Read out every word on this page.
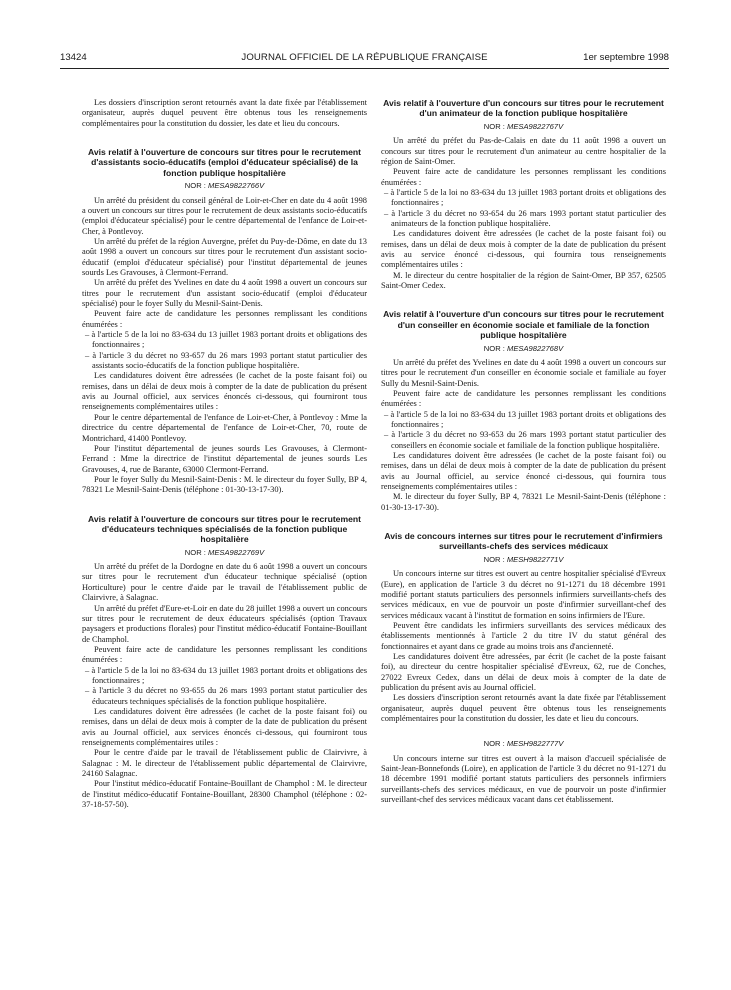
13424	JOURNAL OFFICIEL DE LA RÉPUBLIQUE FRANÇAISE	1er septembre 1998

Les dossiers d'inscription seront retournés avant la date fixée par l'établissement organisateur, auprès duquel peuvent être obtenus tous les renseignements complémentaires pour la constitution du dossier, les date et lieu du concours.

Avis relatif à l'ouverture de concours sur titres pour le recrutement d'assistants socio-éducatifs (emploi d'éducateur spécialisé) de la fonction publique hospitalière
NOR : MESA9822766V

Un arrêté du président du conseil général de Loir-et-Cher en date du 4 août 1998 a ouvert un concours sur titres pour le recrutement de deux assistants socio-éducatifs (emploi d'éducateur spécialisé) pour le centre départemental de l'enfance de Loir-et-Cher, à Pontlevoy.

Un arrêté du préfet de la région Auvergne, préfet du Puy-de-Dôme, en date du 13 août 1998 a ouvert un concours sur titres pour le recrutement d'un assistant socio-éducatif (emploi d'éducateur spécialisé) pour l'institut départemental de jeunes sourds Les Gravouses, à Clermont-Ferrand.

Un arrêté du préfet des Yvelines en date du 4 août 1998 a ouvert un concours sur titres pour le recrutement d'un assistant socio-éducatif (emploi d'éducateur spécialisé) pour le foyer Sully du Mesnil-Saint-Denis.

Peuvent faire acte de candidature les personnes remplissant les conditions énumérées :

– à l'article 5 de la loi no 83-634 du 13 juillet 1983 portant droits et obligations des fonctionnaires ;

– à l'article 3 du décret no 93-657 du 26 mars 1993 portant statut particulier des assistants socio-éducatifs de la fonction publique hospitalière.

Les candidatures doivent être adressées (le cachet de la poste faisant foi) ou remises, dans un délai de deux mois à compter de la date de publication du présent avis au Journal officiel, aux services énoncés ci-dessous, qui fourniront tous renseignements complémentaires utiles :

Pour le centre départemental de l'enfance de Loir-et-Cher, à Pontlevoy : Mme la directrice du centre départemental de l'enfance de Loir-et-Cher, 70, route de Montrichard, 41400 Pontlevoy.

Pour l'institut départemental de jeunes sourds Les Gravouses, à Clermont-Ferrand : Mme la directrice de l'institut départemental de jeunes sourds Les Gravouses, 4, rue de Barante, 63000 Clermont-Ferrand.

Pour le foyer Sully du Mesnil-Saint-Denis : M. le directeur du foyer Sully, BP 4, 78321 Le Mesnil-Saint-Denis (téléphone : 01-30-13-17-30).

Avis relatif à l'ouverture de concours sur titres pour le recrutement d'éducateurs techniques spécialisés de la fonction publique hospitalière
NOR : MESA9822769V

Un arrêté du préfet de la Dordogne en date du 6 août 1998 a ouvert un concours sur titres pour le recrutement d'un éducateur technique spécialisé (option Horticulture) pour le centre d'aide par le travail de l'établissement public de Clairvivre, à Salagnac.

Un arrêté du préfet d'Eure-et-Loir en date du 28 juillet 1998 a ouvert un concours sur titres pour le recrutement de deux éducateurs spécialisés (option Travaux paysagers et productions florales) pour l'institut médico-éducatif Fontaine-Bouillant de Champhol.

Peuvent faire acte de candidature les personnes remplissant les conditions énumérées :

– à l'article 5 de la loi no 83-634 du 13 juillet 1983 portant droits et obligations des fonctionnaires ;

– à l'article 3 du décret no 93-655 du 26 mars 1993 portant statut particulier des éducateurs techniques spécialisés de la fonction publique hospitalière.

Les candidatures doivent être adressées (le cachet de la poste faisant foi) ou remises, dans un délai de deux mois à compter de la date de publication du présent avis au Journal officiel, aux services énoncés ci-dessous, qui fourniront tous renseignements complémentaires utiles :

Pour le centre d'aide par le travail de l'établissement public de Clairvivre, à Salagnac : M. le directeur de l'établissement public départemental de Clairvivre, 24160 Salagnac.

Pour l'institut médico-éducatif Fontaine-Bouillant de Champhol : M. le directeur de l'institut médico-éducatif Fontaine-Bouillant, 28300 Champhol (téléphone : 02-37-18-57-50).

Avis relatif à l'ouverture d'un concours sur titres pour le recrutement d'un animateur de la fonction publique hospitalière
NOR : MESA9822767V

Un arrêté du préfet du Pas-de-Calais en date du 11 août 1998 a ouvert un concours sur titres pour le recrutement d'un animateur au centre hospitalier de la région de Saint-Omer.

Peuvent faire acte de candidature les personnes remplissant les conditions énumérées :

– à l'article 5 de la loi no 83-634 du 13 juillet 1983 portant droits et obligations des fonctionnaires ;

– à l'article 3 du décret no 93-654 du 26 mars 1993 portant statut particulier des animateurs de la fonction publique hospitalière.

Les candidatures doivent être adressées (le cachet de la poste faisant foi) ou remises, dans un délai de deux mois à compter de la date de publication du présent avis au service énoncé ci-dessous, qui fournira tous renseignements complémentaires utiles :

M. le directeur du centre hospitalier de la région de Saint-Omer, BP 357, 62505 Saint-Omer Cedex.

Avis relatif à l'ouverture d'un concours sur titres pour le recrutement d'un conseiller en économie sociale et familiale de la fonction publique hospitalière
NOR : MESA9822768V

Un arrêté du préfet des Yvelines en date du 4 août 1998 a ouvert un concours sur titres pour le recrutement d'un conseiller en économie sociale et familiale au foyer Sully du Mesnil-Saint-Denis.

Peuvent faire acte de candidature les personnes remplissant les conditions énumérées :

– à l'article 5 de la loi no 83-634 du 13 juillet 1983 portant droits et obligations des fonctionnaires ;

– à l'article 3 du décret no 93-653 du 26 mars 1993 portant statut particulier des conseillers en économie sociale et familiale de la fonction publique hospitalière.

Les candidatures doivent être adressées (le cachet de la poste faisant foi) ou remises, dans un délai de deux mois à compter de la date de publication du présent avis au Journal officiel, au service énoncé ci-dessous, qui fournira tous renseignements complémentaires utiles :

M. le directeur du foyer Sully, BP 4, 78321 Le Mesnil-Saint-Denis (téléphone : 01-30-13-17-30).

Avis de concours internes sur titres pour le recrutement d'infirmiers surveillants-chefs des services médicaux
NOR : MESH9822771V

Un concours interne sur titres est ouvert au centre hospitalier spécialisé d'Evreux (Eure), en application de l'article 3 du décret no 91-1271 du 18 décembre 1991 modifié portant statuts particuliers des personnels infirmiers surveillants-chefs des services médicaux, en vue de pourvoir un poste d'infirmier surveillant-chef des services médicaux vacant à l'institut de formation en soins infirmiers de l'Eure.

Peuvent être candidats les infirmiers surveillants des services médicaux des établissements mentionnés à l'article 2 du titre IV du statut général des fonctionnaires et ayant dans ce grade au moins trois ans d'ancienneté.

Les candidatures doivent être adressées, par écrit (le cachet de la poste faisant foi), au directeur du centre hospitalier spécialisé d'Evreux, 62, rue de Conches, 27022 Evreux Cedex, dans un délai de deux mois à compter de la date de publication du présent avis au Journal officiel.

Les dossiers d'inscription seront retournés avant la date fixée par l'établissement organisateur, auprès duquel peuvent être obtenus tous les renseignements complémentaires pour la constitution du dossier, les date et lieu du concours.

NOR : MESH9822777V

Un concours interne sur titres est ouvert à la maison d'accueil spécialisée de Saint-Jean-Bonnefonds (Loire), en application de l'article 3 du décret no 91-1271 du 18 décembre 1991 modifié portant statuts particuliers des personnels infirmiers surveillants-chefs des services médicaux, en vue de pourvoir un poste d'infirmier surveillant-chef des services médicaux vacant dans cet établissement.
